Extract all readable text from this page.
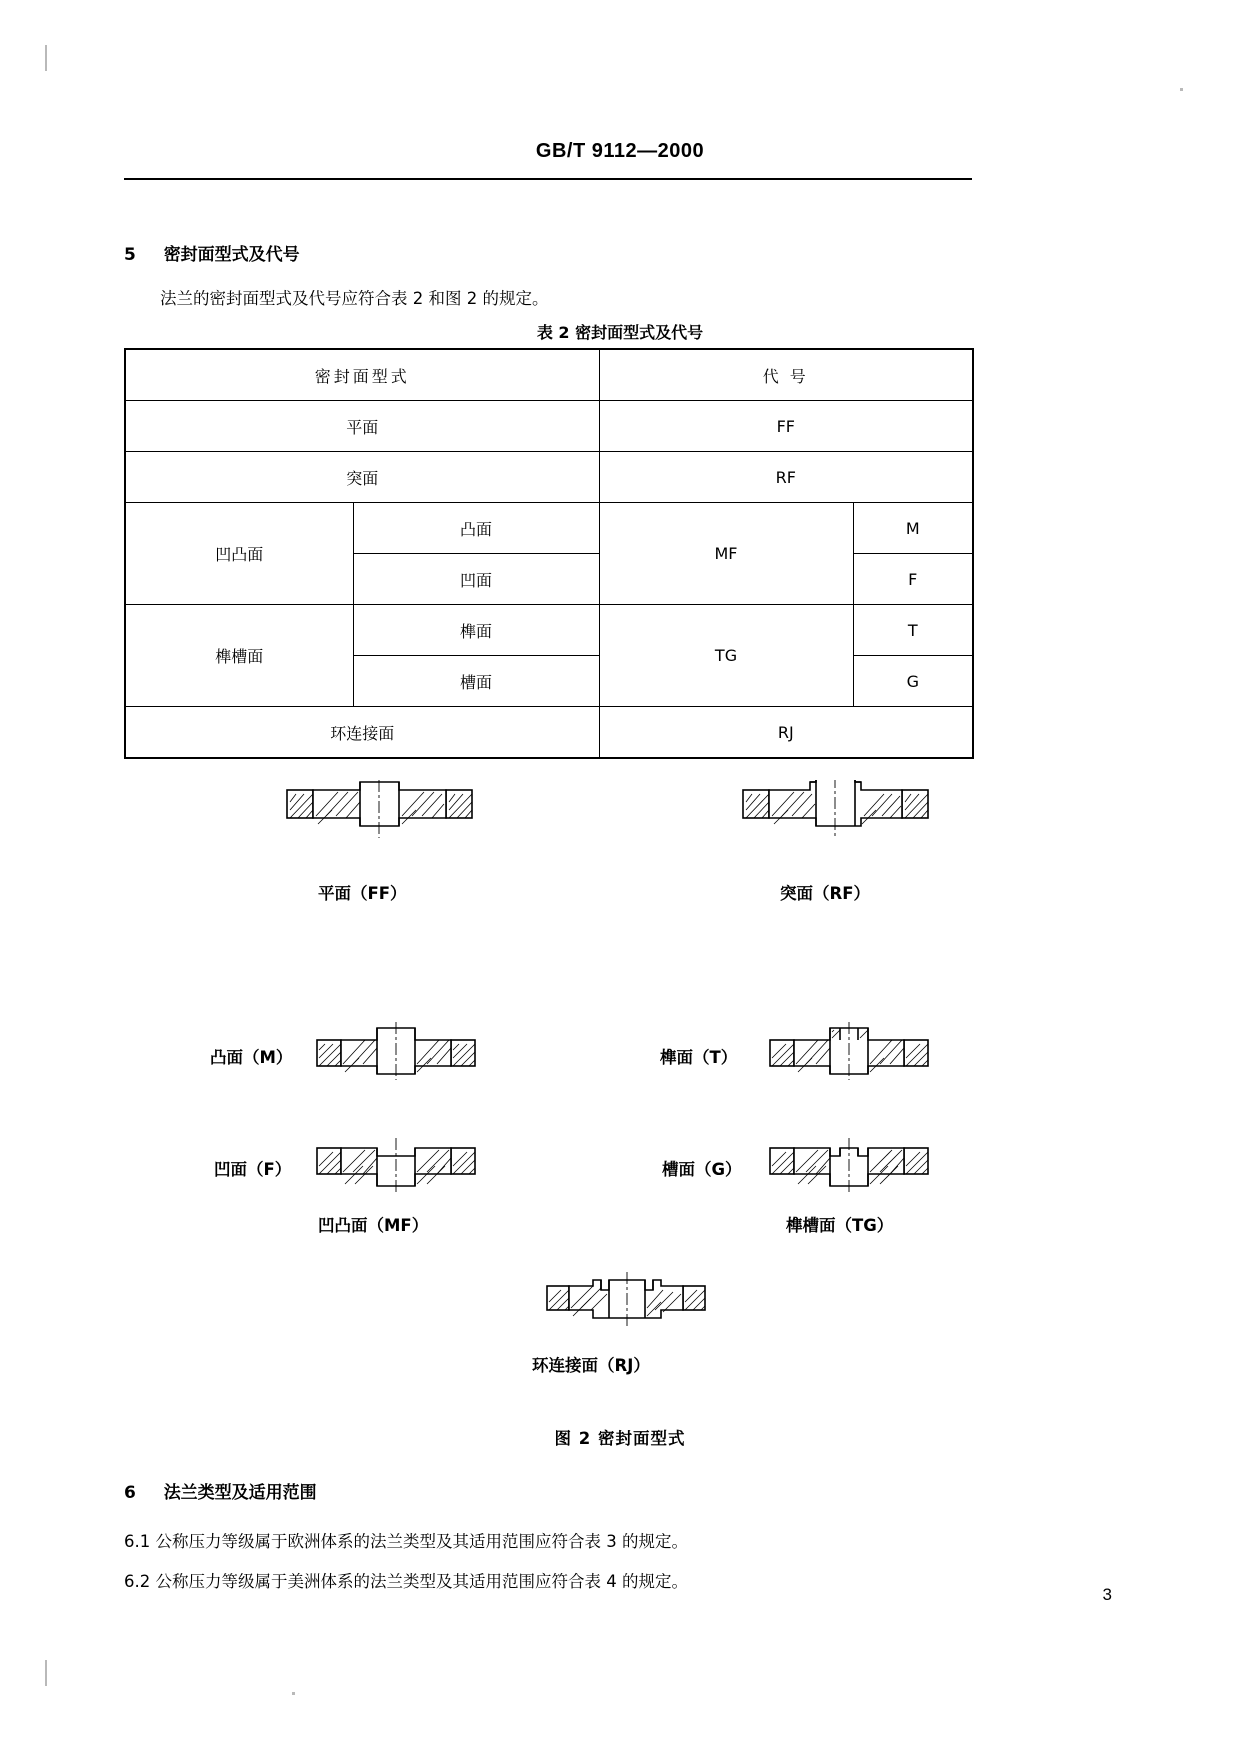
GB/T 9112—2000
5 密封面型式及代号
法兰的密封面型式及代号应符合表 2 和图 2 的规定。
表 2 密封面型式及代号
密封面型式		代 号	
平面		FF	
突面		RF	
凹凸面	凸面	MF	M
	凹面		F
榫槽面	榫面	TG	T
	槽面		G
环连接面		RJ	
平面（FF）	突面（RF）
凸面（M）	榫面（T）
凹面（F）
凹凸面（MF）
槽面（G）
榫槽面（TG）
环连接面（RJ）
图 2 密封面型式
6 法兰类型及适用范围
6.1 公称压力等级属于欧洲体系的法兰类型及其适用范围应符合表 3 的规定。
6.2 公称压力等级属于美洲体系的法兰类型及其适用范围应符合表 4 的规定。
3
